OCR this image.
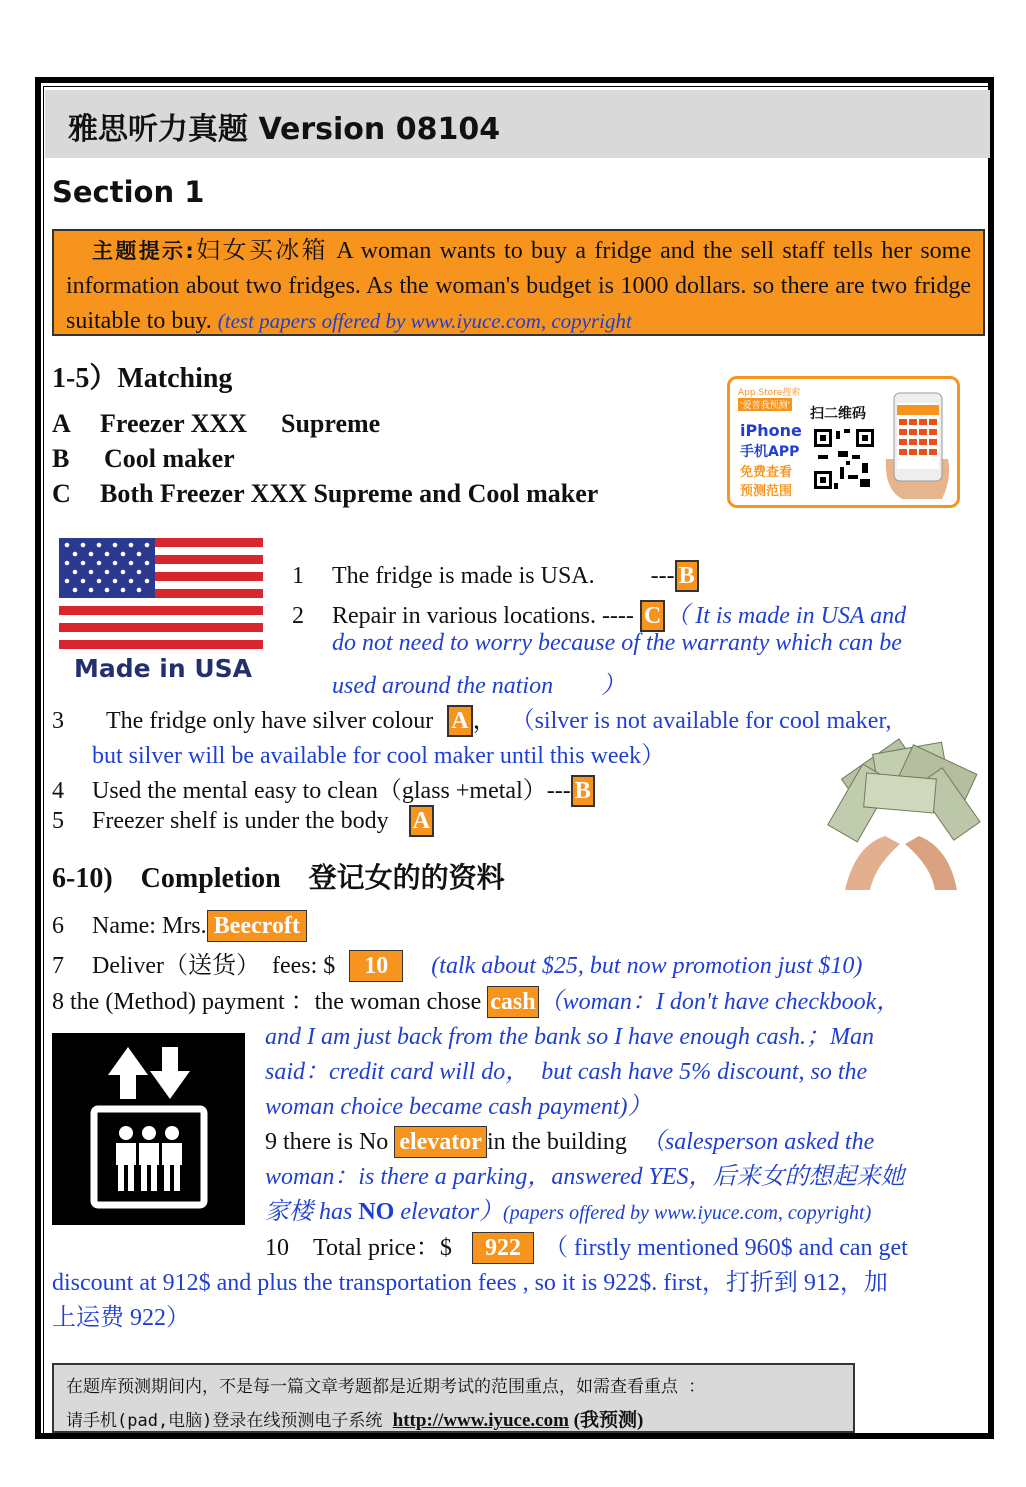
雅思听力真题 Version 08104
Section 1
主题提示:妇女买冰箱 A woman wants to buy a fridge and the sell staff tells her some information about two fridges. As the woman's budget is 1000 dollars. so there are two fridge suitable to buy. (test papers offered by www.iyuce.com, copyright
1-5）Matching
A Freezer XXX Supreme
B Cool maker
C Both Freezer XXX Supreme and Cool maker
App Store搜索
'爱普我预测' 扫二维码
iPhone
手机APP
免费查看
预测范围
Made in USA
1 The fridge is made is USA. --- B
2 Repair in various locations. ---- C （ It is made in USA and
do not need to worry because of the warranty which can be
used around the nation　　）
3 The fridge only have silver colour A ， （silver is not available for cool maker,
but silver will be available for cool maker until this week）
4 Used the mental easy to clean（glass +metal）--- B
5 Freezer shelf is under the body A
6-10)　Completion　登记女的的资料
6 Name: Mrs. Beecroft
7 Deliver（送货）　fees: $ 10 (talk about $25, but now promotion just $10)
8 the (Method) payment ：the woman chose cash （woman：I don't have checkbook，
and I am just back from the bank so I have enough cash.；Man
said：credit card will do，　but cash have 5% discount, so the
woman choice became cash payment)）
9 there is No elevator in the building （salesperson asked the
woman：is there a parking，answered YES，后来女的想起来她
家楼 has NO elevator）(papers offered by www.iyuce.com, copyright)
10　Total price：$ 922 （ firstly mentioned 960$ and can get
discount at 912$ and plus the transportation fees , so it is 922$. first，打折到 912，加
上运费 922）
在题库预测期间内，不是每一篇文章考题都是近期考试的范围重点，如需查看重点 ：
请手机(pad,电脑)登录在线预测电子系统 http://www.iyuce.com (我预测)
